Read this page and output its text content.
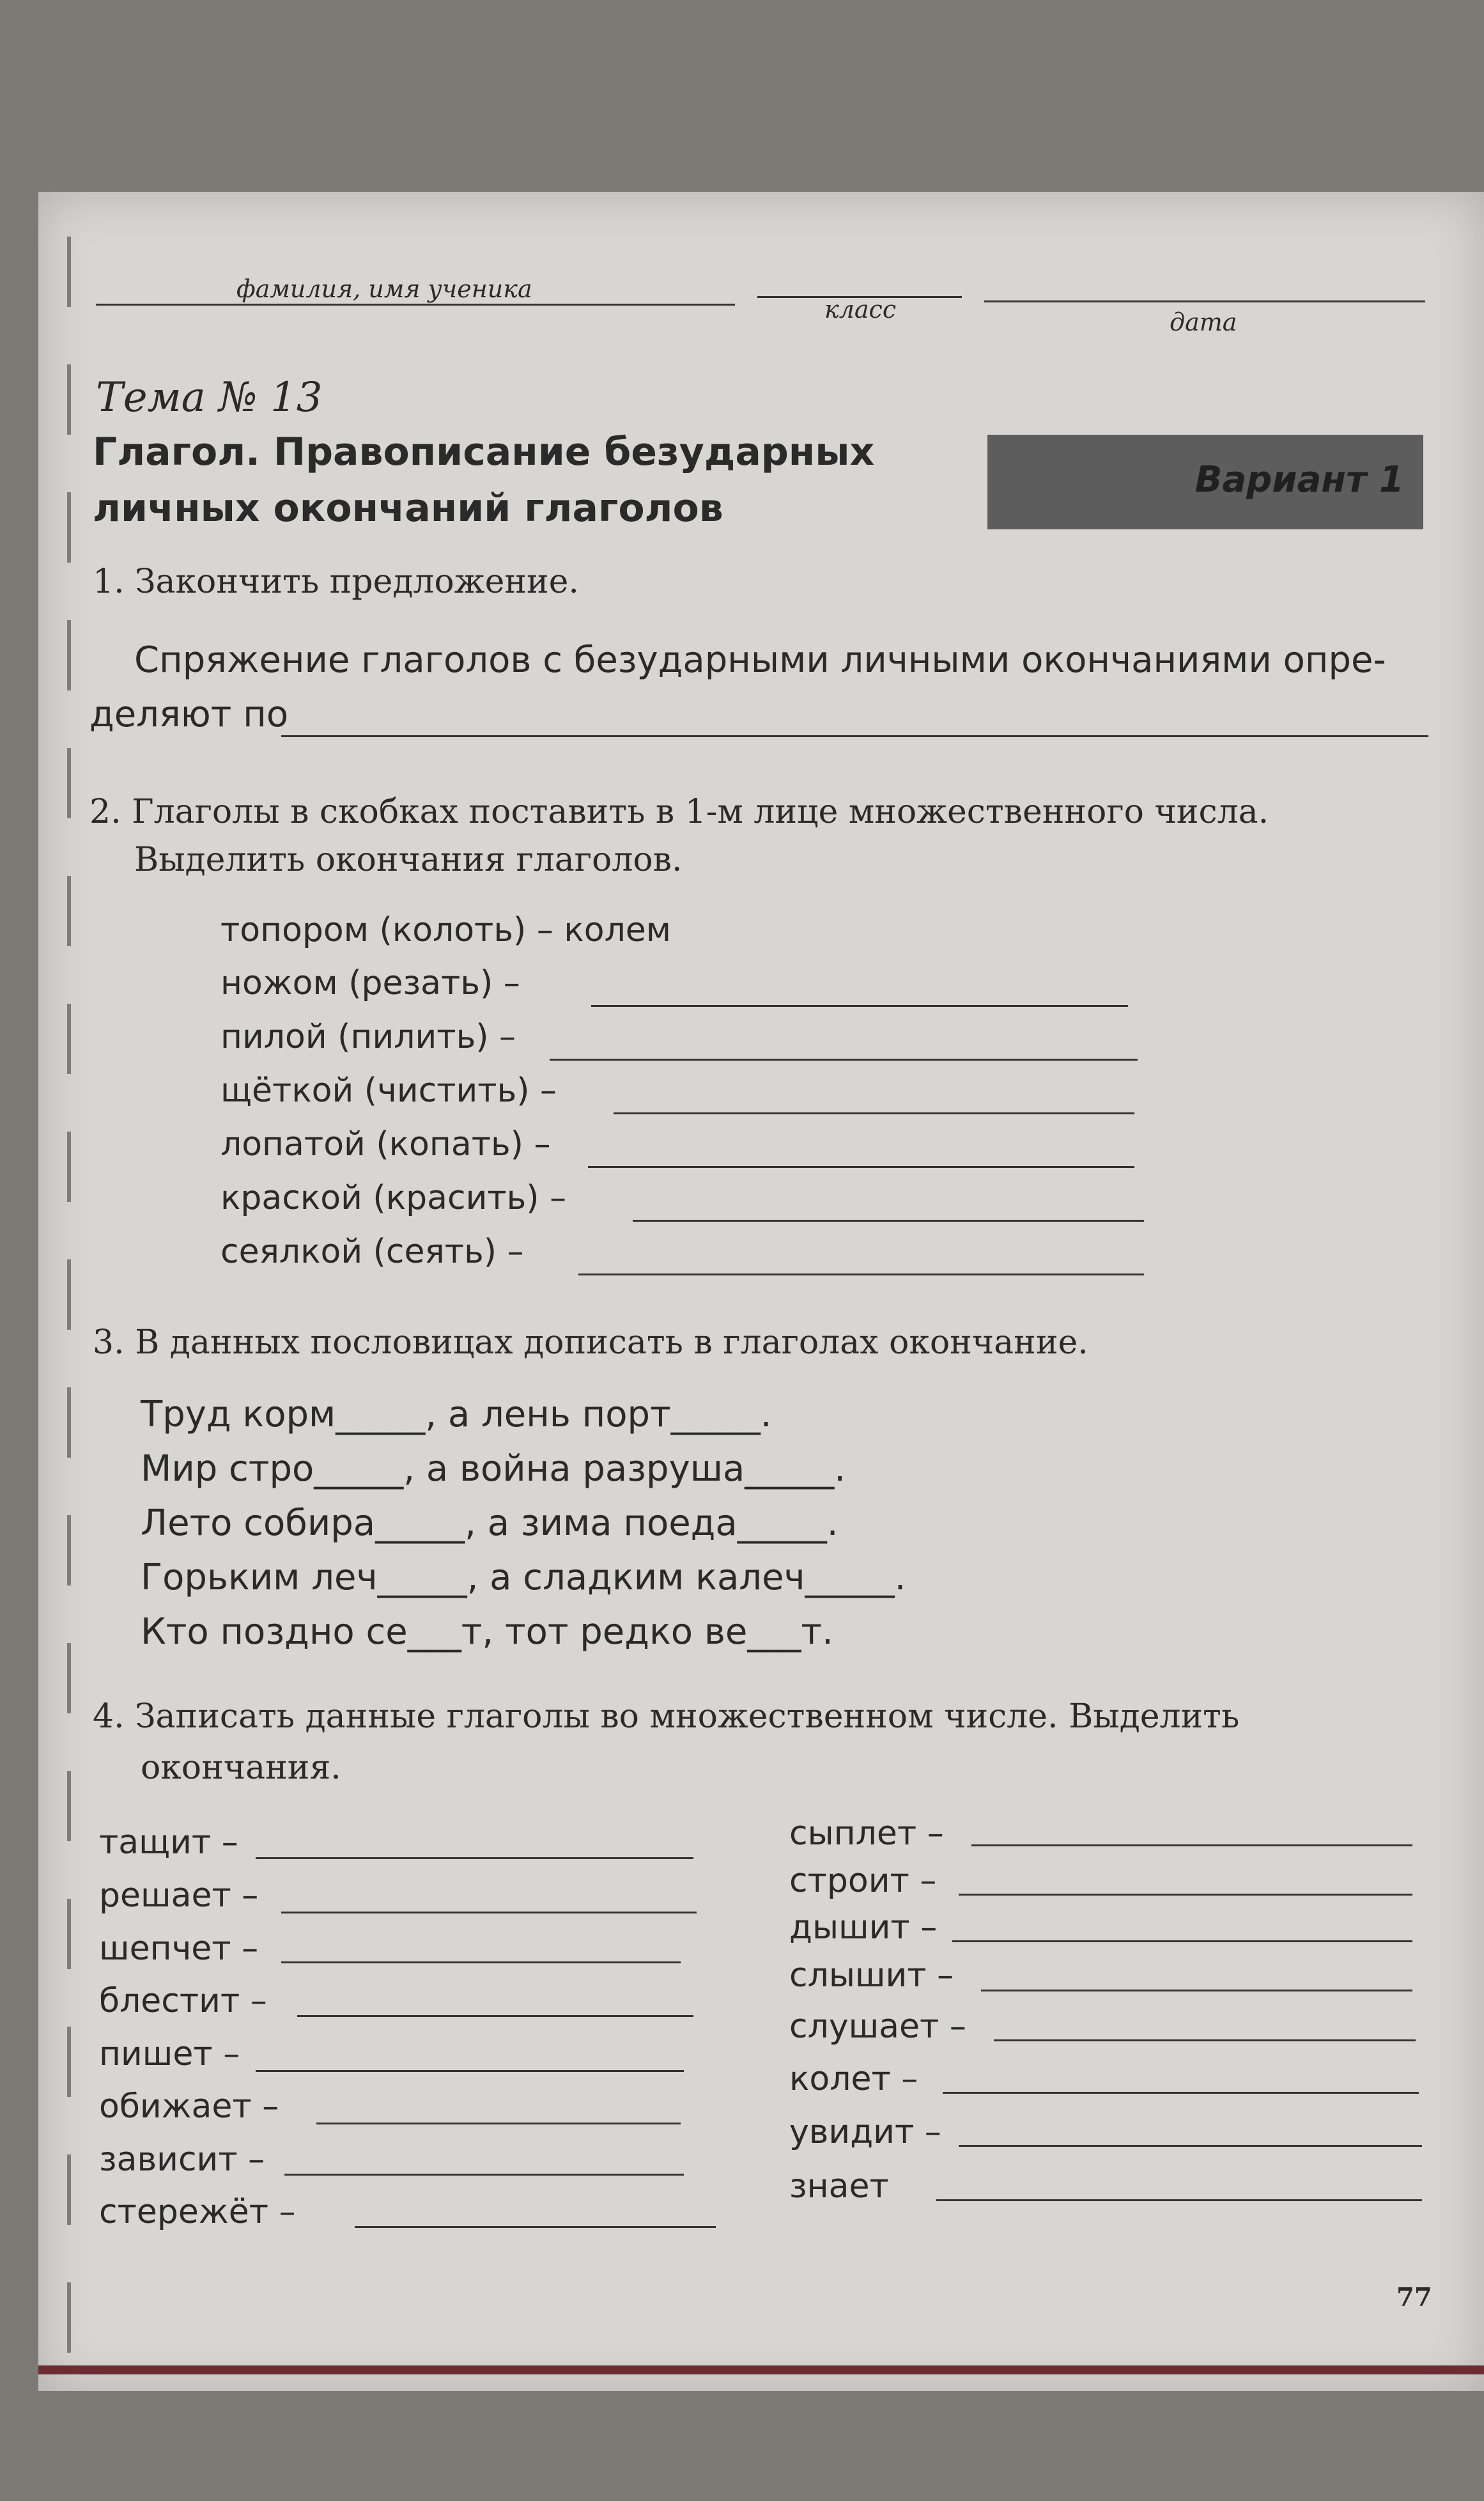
фамилия, имя ученика
класс	дата
Тема № 13
Глагол. Правописание безударных
личных окончаний глаголов
Вариант 1
1. Закончить предложение.
Спряжение глаголов с безударными личными окончаниями опре-
деляют по
2. Глаголы в скобках поставить в 1-м лице множественного числа.
Выделить окончания глаголов.
топором (колоть) – колем
ножом (резать) –
пилой (пилить) –
щёткой (чистить) –
лопатой (копать) –
краской (красить) –
сеялкой (сеять) –
3. В данных пословицах дописать в глаголах окончание.
Труд корм_____, а лень порт_____.
Мир стро_____, а война разруша_____.
Лето собира_____, а зима поеда_____.
Горьким леч_____, а сладким калеч_____.
Кто поздно се___т, тот редко ве___т.
4. Записать данные глаголы во множественном числе. Выделить
окончания.
тащит –
решает –
шепчет –
блестит –
пишет –
обижает –
зависит –
стережёт –
сыплет –
строит –
дышит –
слышит –
слушает –
колет –
увидит –
знает
77
